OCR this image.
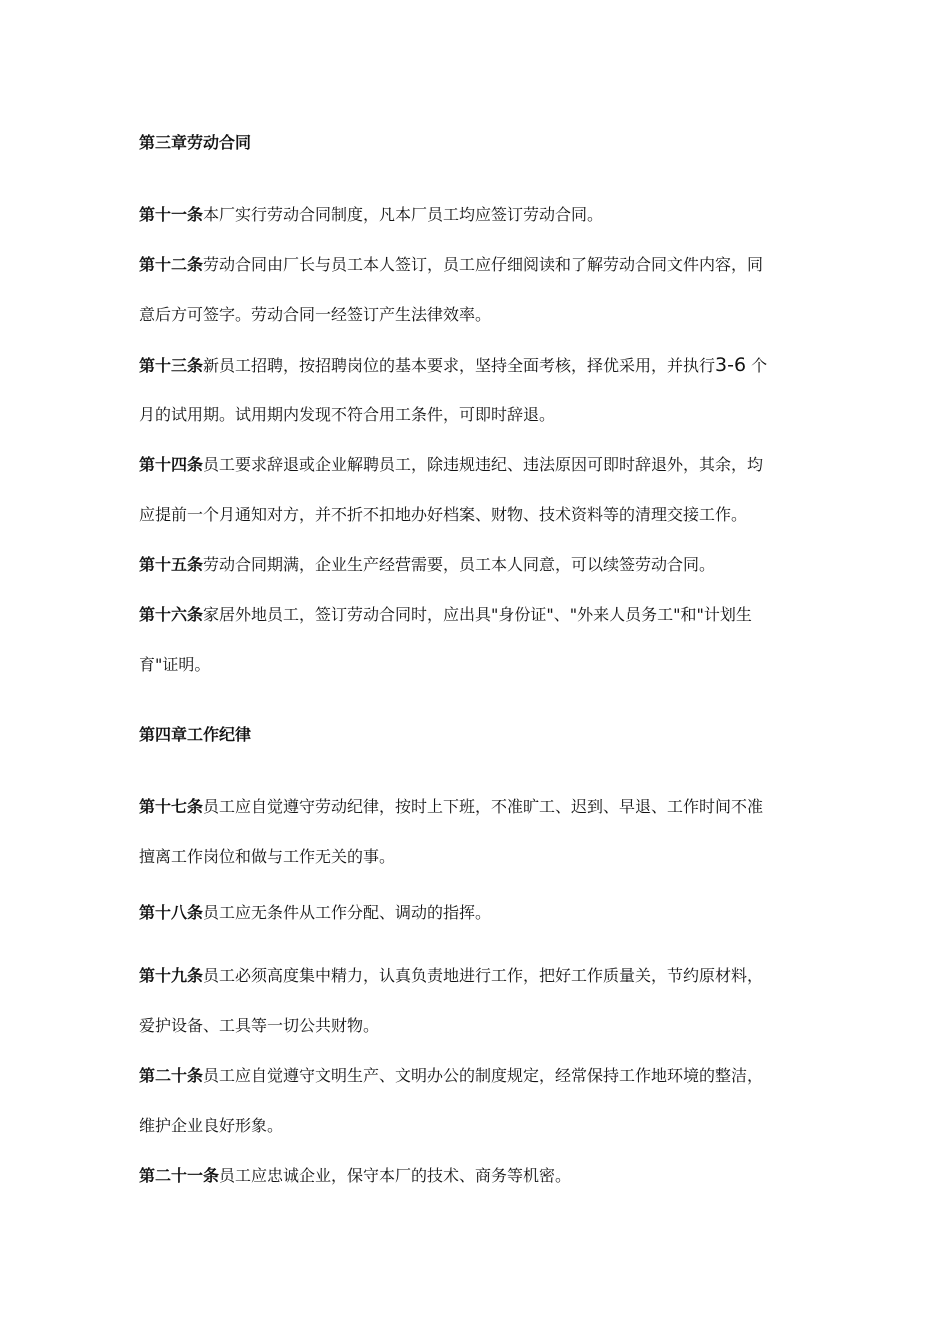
第三章劳动合同
第十一条本厂实行劳动合同制度，凡本厂员工均应签订劳动合同。
第十二条劳动合同由厂长与员工本人签订，员工应仔细阅读和了解劳动合同文件内容，同
意后方可签字。劳动合同一经签订产生法律效率。
第十三条新员工招聘，按招聘岗位的基本要求，坚持全面考核，择优采用，并执行3-6 个
月的试用期。试用期内发现不符合用工条件，可即时辞退。
第十四条员工要求辞退或企业解聘员工，除违规违纪、违法原因可即时辞退外，其余，均
应提前一个月通知对方，并不折不扣地办好档案、财物、技术资料等的清理交接工作。
第十五条劳动合同期满，企业生产经营需要，员工本人同意，可以续签劳动合同。
第十六条家居外地员工，签订劳动合同时，应出具"身份证"、"外来人员务工"和"计划生
育"证明。
第四章工作纪律
第十七条员工应自觉遵守劳动纪律，按时上下班，不准旷工、迟到、早退、工作时间不准
擅离工作岗位和做与工作无关的事。
第十八条员工应无条件从工作分配、调动的指挥。
第十九条员工必须高度集中精力，认真负责地进行工作，把好工作质量关，节约原材料，
爱护设备、工具等一切公共财物。
第二十条员工应自觉遵守文明生产、文明办公的制度规定，经常保持工作地环境的整洁，
维护企业良好形象。
第二十一条员工应忠诚企业，保守本厂的技术、商务等机密。
